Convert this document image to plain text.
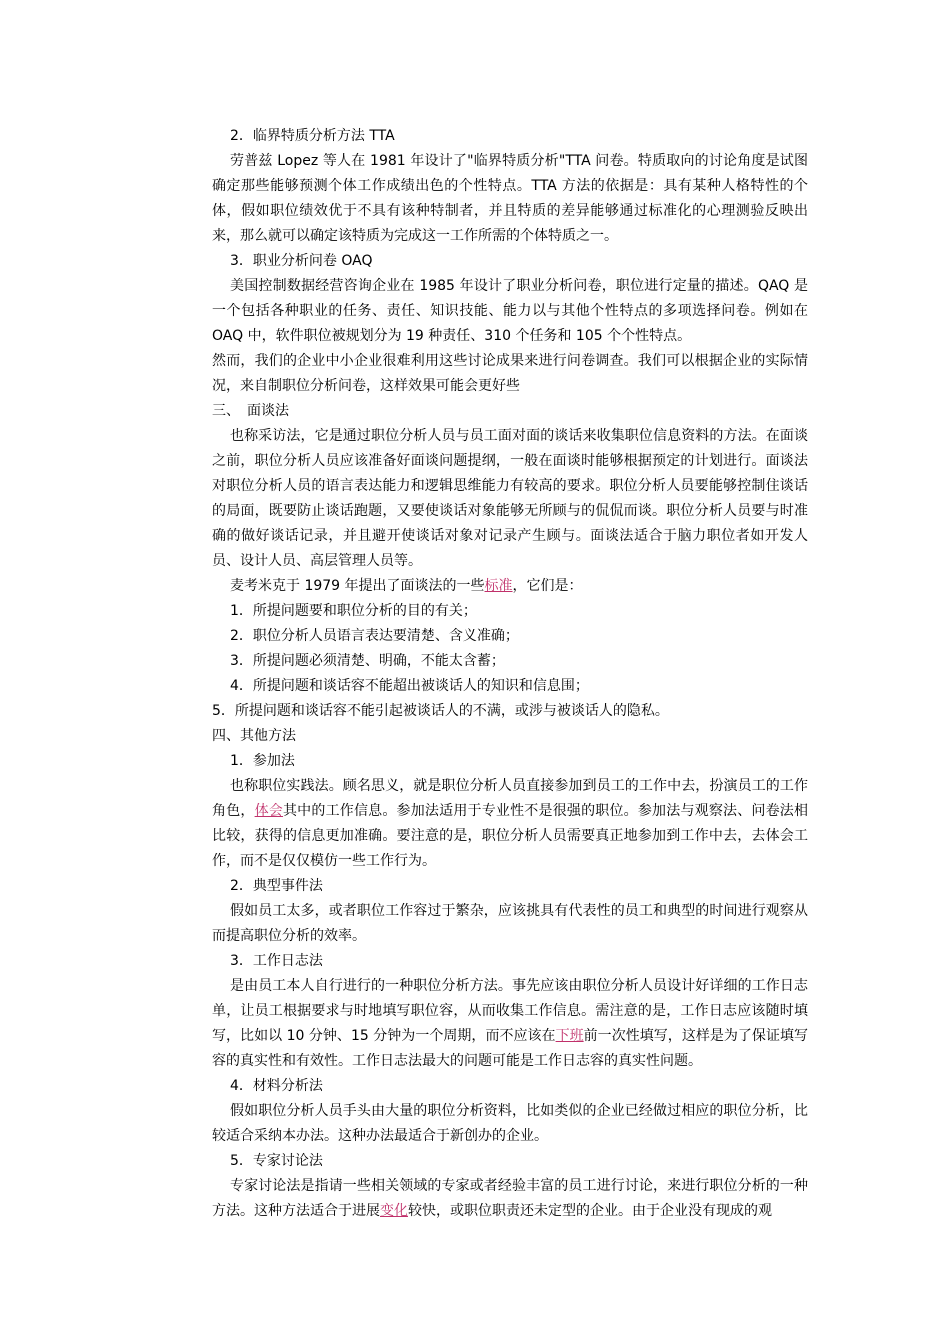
2．临界特质分析方法 TTA

劳普兹 Lopez 等人在 1981 年设计了"临界特质分析"TTA 问卷。特质取向的讨论角度是试图确定那些能够预测个体工作成绩出色的个性特点。TTA 方法的依据是：具有某种人格特性的个体，假如职位绩效优于不具有该种特制者，并且特质的差异能够通过标准化的心理测验反映出来，那么就可以确定该特质为完成这一工作所需的个体特质之一。

3．职业分析问卷 OAQ

美国控制数据经营咨询企业在 1985 年设计了职业分析问卷，职位进行定量的描述。QAQ 是一个包括各种职业的任务、责任、知识技能、能力以与其他个性特点的多项选择问卷。例如在 OAQ 中，软件职位被规划分为 19 种责任、310 个任务和 105 个个性特点。

然而，我们的企业中小企业很难利用这些讨论成果来进行问卷调查。我们可以根据企业的实际情况，来自制职位分析问卷，这样效果可能会更好些

三、　面谈法

也称采访法，它是通过职位分析人员与员工面对面的谈话来收集职位信息资料的方法。在面谈之前，职位分析人员应该准备好面谈问题提纲，一般在面谈时能够根据预定的计划进行。面谈法对职位分析人员的语言表达能力和逻辑思维能力有较高的要求。职位分析人员要能够控制住谈话的局面，既要防止谈话跑题，又要使谈话对象能够无所顾与的侃侃而谈。职位分析人员要与时准确的做好谈话记录，并且避开使谈话对象对记录产生顾与。面谈法适合于脑力职位者如开发人员、设计人员、高层管理人员等。

麦考米克于 1979 年提出了面谈法的一些标准，它们是：

1．所提问题要和职位分析的目的有关；

2．职位分析人员语言表达要清楚、含义准确；

3．所提问题必须清楚、明确，不能太含蓄；

4．所提问题和谈话容不能超出被谈话人的知识和信息围；

5．所提问题和谈话容不能引起被谈话人的不满，或涉与被谈话人的隐私。

四、其他方法

1．参加法

也称职位实践法。顾名思义，就是职位分析人员直接参加到员工的工作中去，扮演员工的工作角色，体会其中的工作信息。参加法适用于专业性不是很强的职位。参加法与观察法、问卷法相比较，获得的信息更加准确。要注意的是，职位分析人员需要真正地参加到工作中去，去体会工作，而不是仅仅模仿一些工作行为。

2．典型事件法

假如员工太多，或者职位工作容过于繁杂，应该挑具有代表性的员工和典型的时间进行观察从而提高职位分析的效率。

3．工作日志法

是由员工本人自行进行的一种职位分析方法。事先应该由职位分析人员设计好详细的工作日志单，让员工根据要求与时地填写职位容，从而收集工作信息。需注意的是，工作日志应该随时填写，比如以 10 分钟、15 分钟为一个周期，而不应该在下班前一次性填写，这样是为了保证填写容的真实性和有效性。工作日志法最大的问题可能是工作日志容的真实性问题。

4．材料分析法

假如职位分析人员手头由大量的职位分析资料，比如类似的企业已经做过相应的职位分析，比较适合采纳本办法。这种办法最适合于新创办的企业。

5．专家讨论法

专家讨论法是指请一些相关领域的专家或者经验丰富的员工进行讨论，来进行职位分析的一种方法。这种方法适合于进展变化较快，或职位职责还未定型的企业。由于企业没有现成的观
